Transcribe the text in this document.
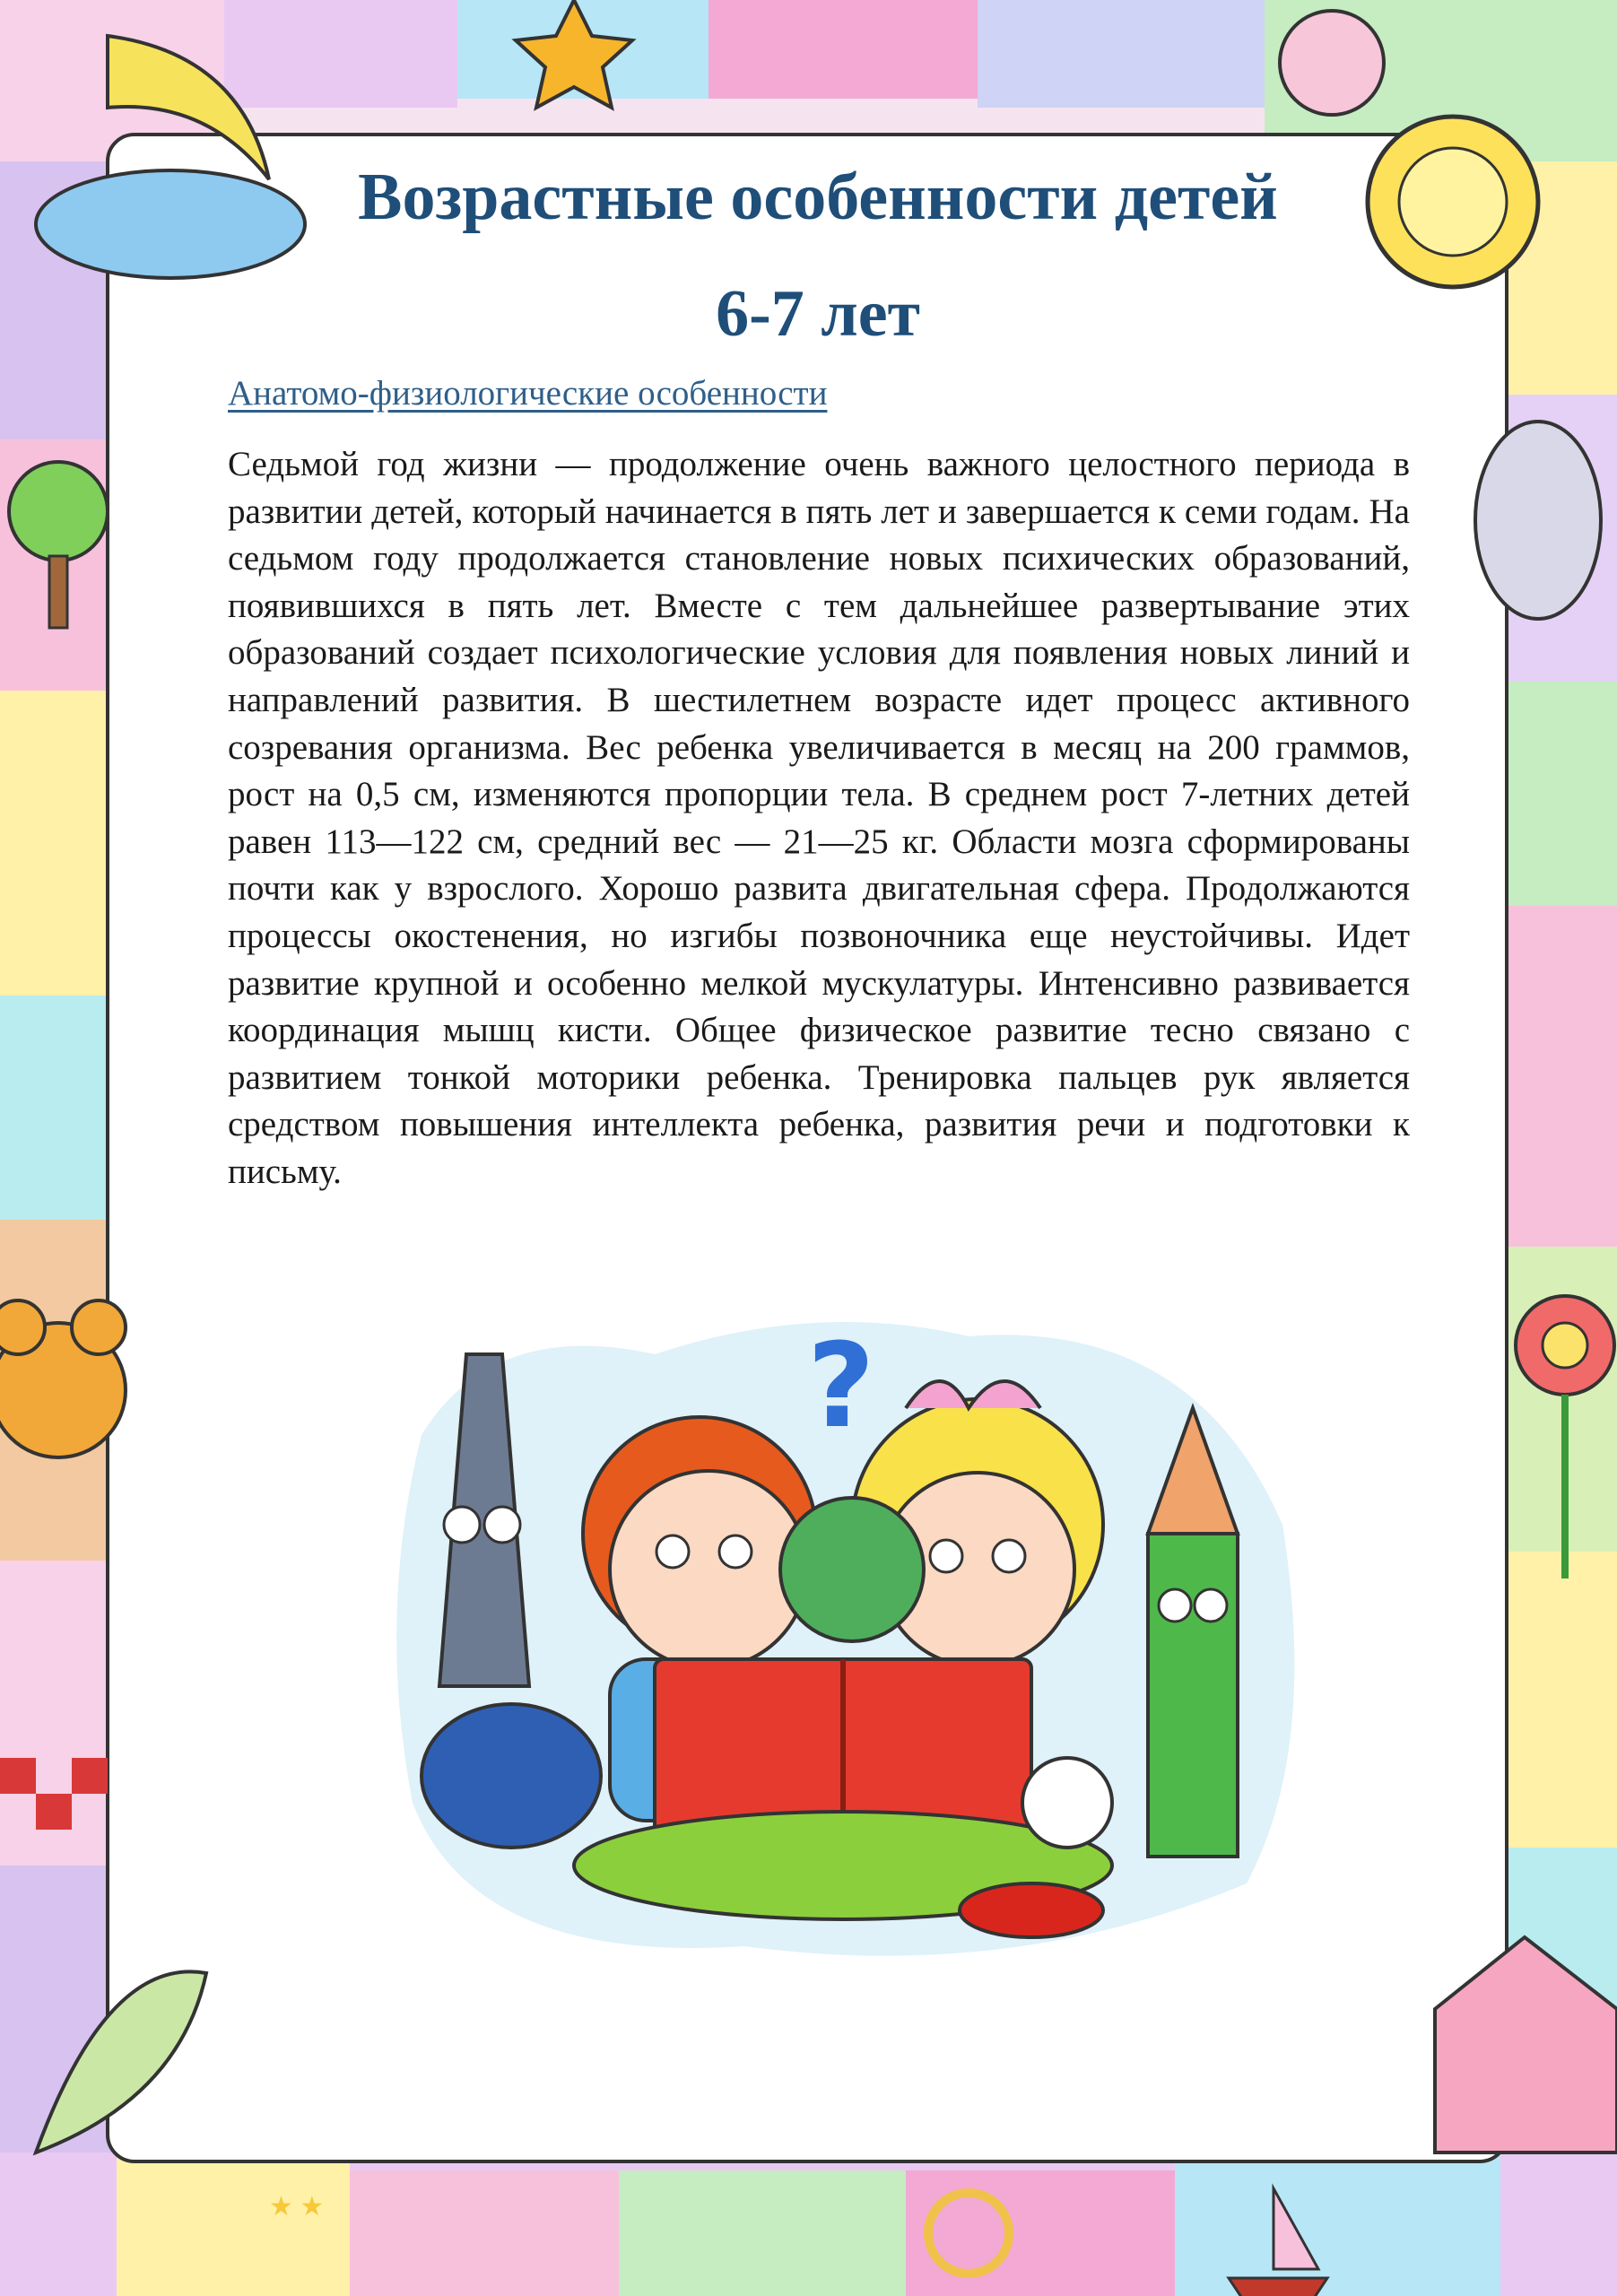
★ ★
Возрастные особенности детей
6-7 лет
Анатомо-физиологические особенности

Седьмой год жизни — продолжение очень важного целостного периода в развитии детей, который начинается в пять лет и завершается к семи годам. На седьмом году продолжается становление новых психических образований, появившихся в пять лет. Вместе с тем дальнейшее развертывание этих образований создает психологические условия для появления новых линий и направлений развития. В шестилетнем возрасте идет процесс активного созревания организма. Вес ребенка увеличивается в месяц на 200 граммов, рост на 0,5 см, изменяются пропорции тела. В среднем рост 7-летних детей равен 113—122 см, средний вес — 21—25 кг. Области мозга сформированы почти как у взрослого. Хорошо развита двигательная сфера. Продолжаются процессы окостенения, но изгибы позвоночника еще неустойчивы. Идет развитие крупной и особенно мелкой мускулатуры. Интенсивно развивается координация мышц кисти. Общее физическое развитие тесно связано с развитием тонкой моторики ребенка. Тренировка пальцев рук является средством повышения интеллекта ребенка, развития речи и подготовки к письму.

?
